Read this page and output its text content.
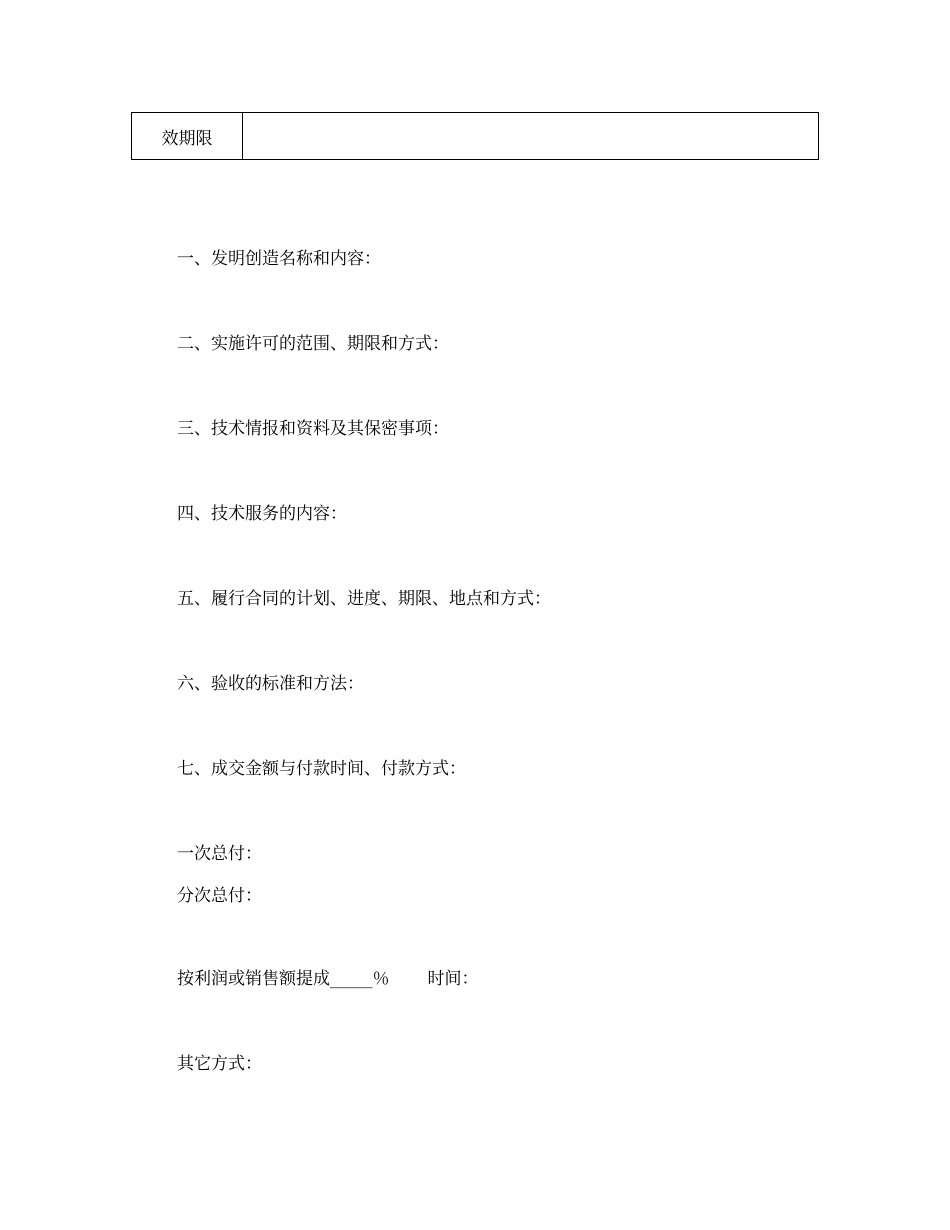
效期限	
一、发明创造名称和内容：
二、实施许可的范围、期限和方式：
三、技术情报和资料及其保密事项：
四、技术服务的内容：
五、履行合同的计划、进度、期限、地点和方式：
六、验收的标准和方法：
七、成交金额与付款时间、付款方式：
一次总付：
分次总付：
按利润或销售额提成_____％ 时间：
其它方式：
